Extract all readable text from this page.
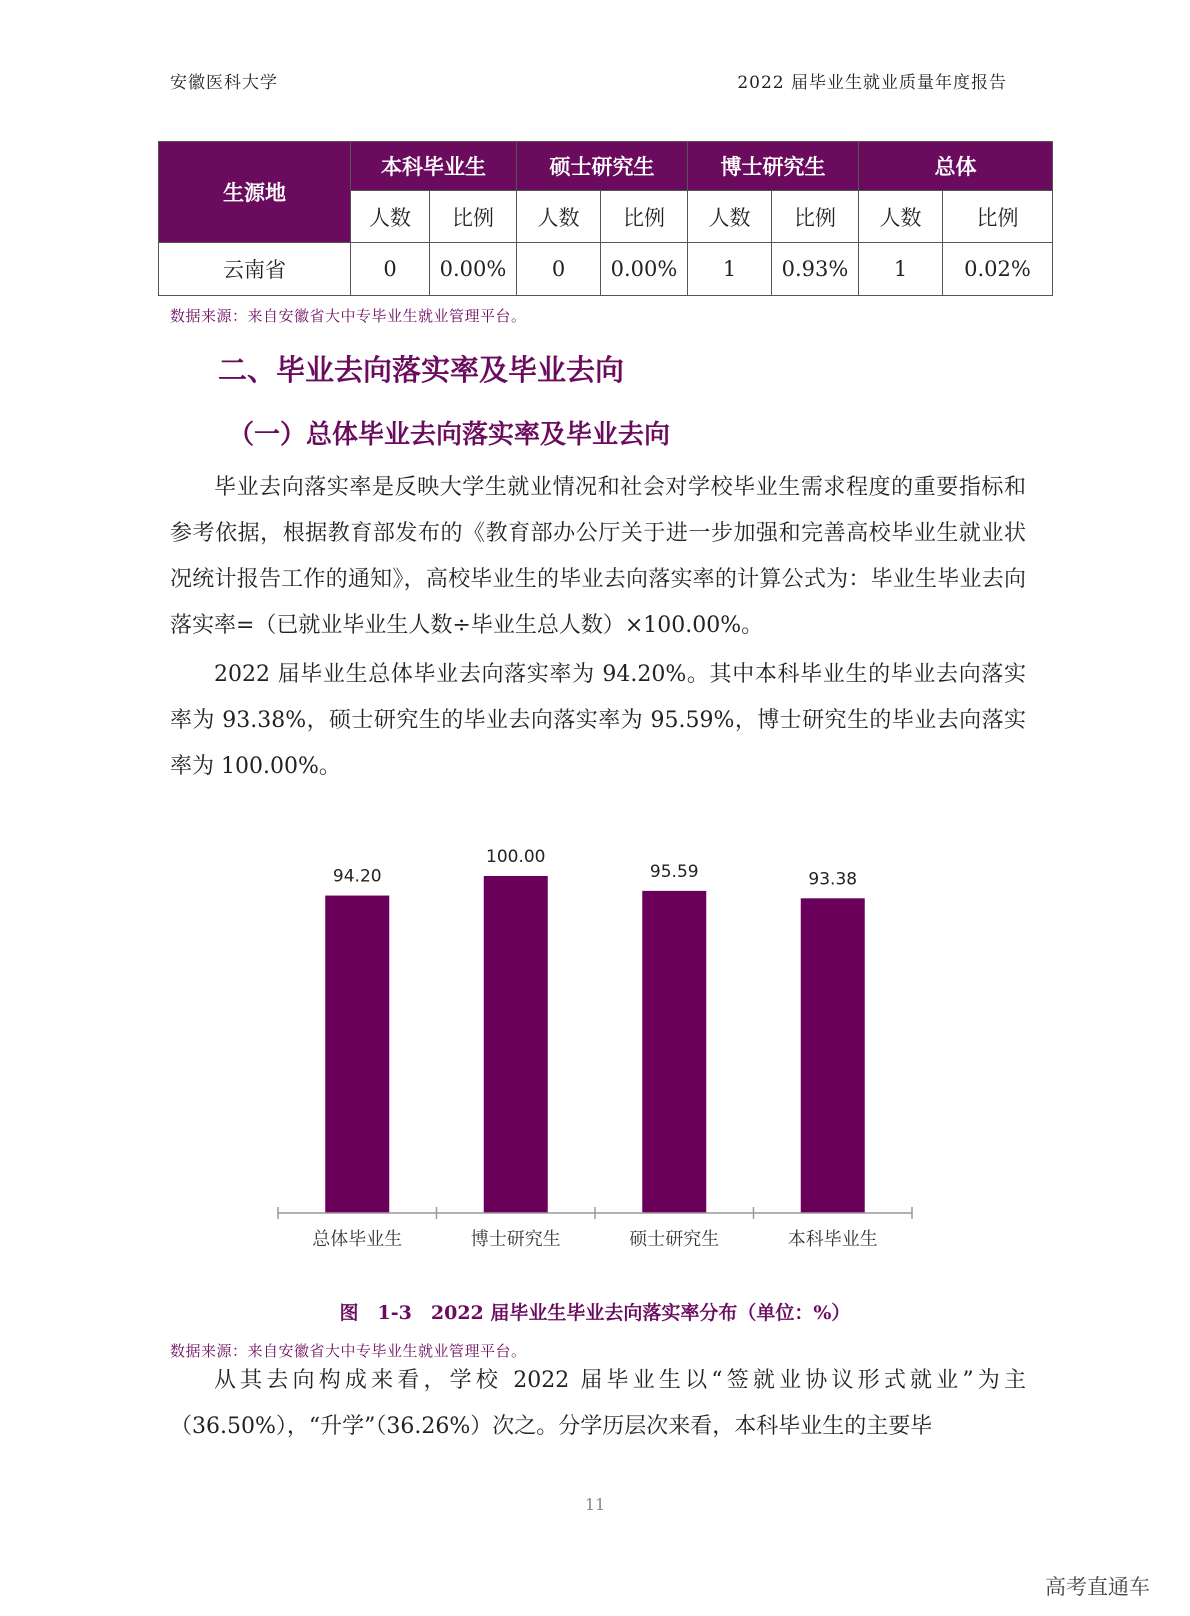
安徽医科大学	2022 届毕业生就业质量年度报告
生源地	本科毕业生		硕士研究生		博士研究生		总体	
	人数	比例	人数	比例	人数	比例	人数	比例
云南省	0	0.00%	0	0.00%	1	0.93%	1	0.02%
数据来源：来自安徽省大中专毕业生就业管理平台。
二、毕业去向落实率及毕业去向
（一）总体毕业去向落实率及毕业去向

毕业去向落实率是反映大学生就业情况和社会对学校毕业生需求程度的重要指标和参考依据，根据教育部发布的《教育部办公厅关于进一步加强和完善高校毕业生就业状况统计报告工作的通知》，高校毕业生的毕业去向落实率的计算公式为：毕业生毕业去向落实率=（已就业毕业生人数÷毕业生总人数）×100.00%。

2022 届毕业生总体毕业去向落实率为 94.20%。其中本科毕业生的毕业去向落实率为 93.38%，硕士研究生的毕业去向落实率为 95.59%，博士研究生的毕业去向落实率为 100.00%。

94.20
总体毕业生
100.00
博士研究生
95.59
硕士研究生
93.38
本科毕业生
图　1-3　2022 届毕业生毕业去向落实率分布（单位：%）
数据来源：来自安徽省大中专毕业生就业管理平台。

从其去向构成来看，学校 2022 届毕业生以“签就业协议形式就业”为主（36.50%），“升学”（36.26%）次之。分学历层次来看，本科毕业生的主要毕

11
高考直通车
